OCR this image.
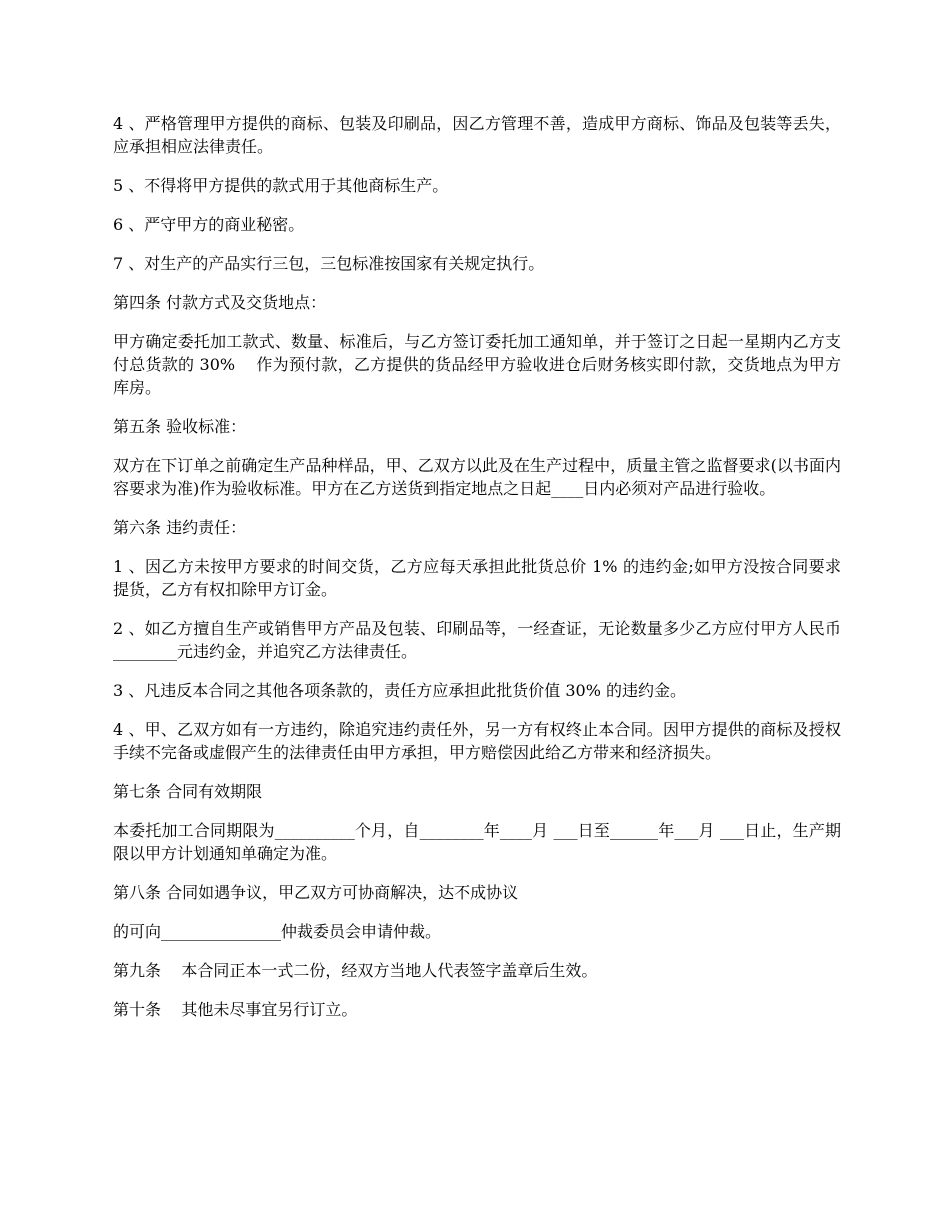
4 、严格管理甲方提供的商标、包装及印刷品，因乙方管理不善，造成甲方商标、饰品及包装等丢失，应承担相应法律责任。

5 、不得将甲方提供的款式用于其他商标生产。

6 、严守甲方的商业秘密。

7 、对生产的产品实行三包，三包标准按国家有关规定执行。

第四条 付款方式及交货地点：

甲方确定委托加工款式、数量、标准后，与乙方签订委托加工通知单，并于签订之日起一星期内乙方支付总货款的 30%    作为预付款，乙方提供的货品经甲方验收进仓后财务核实即付款，交货地点为甲方库房。

第五条 验收标准：

双方在下订单之前确定生产品种样品，甲、乙双方以此及在生产过程中，质量主管之监督要求(以书面内容要求为准)作为验收标准。甲方在乙方送货到指定地点之日起____日内必须对产品进行验收。

第六条 违约责任：

1 、因乙方未按甲方要求的时间交货，乙方应每天承担此批货总价 1% 的违约金;如甲方没按合同要求提货，乙方有权扣除甲方订金。

2 、如乙方擅自生产或销售甲方产品及包装、印刷品等，一经查证，无论数量多少乙方应付甲方人民币________元违约金，并追究乙方法律责任。

3 、凡违反本合同之其他各项条款的，责任方应承担此批货价值 30% 的违约金。

4 、甲、乙双方如有一方违约，除追究违约责任外，另一方有权终止本合同。因甲方提供的商标及授权手续不完备或虚假产生的法律责任由甲方承担，甲方赔偿因此给乙方带来和经济损失。

第七条 合同有效期限

本委托加工合同期限为__________个月，自________年____月 ___日至______年___月 ___日止，生产期限以甲方计划通知单确定为准。

第八条 合同如遇争议，甲乙双方可协商解决，达不成协议

的可向_______________仲裁委员会申请仲裁。

第九条    本合同正本一式二份，经双方当地人代表签字盖章后生效。

第十条    其他未尽事宜另行订立。
